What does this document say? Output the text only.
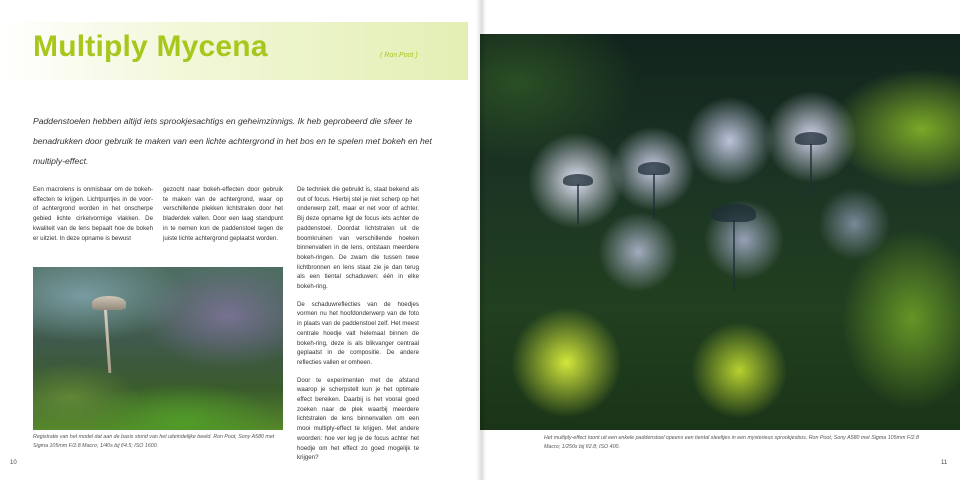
Multiply Mycena	( Ron Poot )

Paddenstoelen hebben altijd iets sprookjesachtigs en geheimzinnigs. Ik heb geprobeerd die sfeer te benadrukken door gebruik te maken van een lichte achtergrond in het bos en te spelen met bokeh en het multiply-effect.

Een macrolens is onmisbaar om de bokeh-effecten te krijgen. Lichtpuntjes in de voor- of achtergrond worden in het onscherpe gebied lichte cirkelvormige vlakken. De kwaliteit van de lens bepaalt hoe de bokeh er uitziet. In deze opname is bewust

gezocht naar bokeh-effecten door gebruik te maken van de achtergrond, waar op verschillende plekken lichtstralen door het bladerdek vallen. Door een laag standpunt in te nemen kon de paddenstoel tegen de juiste lichte achtergrond geplaatst worden.

De techniek die gebruikt is, staat bekend als out of focus. Hierbij stel je niet scherp op het onderwerp zelf, maar er net voor of achter. Bij deze opname ligt de focus iets achter de paddenstoel. Doordat lichtstralen uit de boomkruinen van verschillende hoeken binnenvallen in de lens, ontstaan meerdere bokeh-ringen. De zwam die tussen twee lichtbronnen en lens staat zie je dan terug als een tiental schaduwen: één in elke bokeh-ring.

De schaduwreflecties van de hoedjes vormen nu het hoofdonderwerp van de foto in plaats van de paddenstoel zelf. Het meest centrale hoedje valt helemaal binnen de bokeh-ring, deze is als blikvanger centraal geplaatst in de compositie. De andere reflecties vallen er omheen.

Door te experimenten met de afstand waarop je scherpstelt kun je het optimale effect bereiken. Daarbij is het vooral goed zoeken naar de plek waarbij meerdere lichtstralen de lens binnenvallen om een mooi multiply-effect te krijgen. Met andere woorden: hoe ver leg je de focus achter het hoedje om het effect zo goed mogelijk te krijgen?

Registratie van het model dat aan de basis stond van het uiteindelijke beeld. Ron Poot, Sony A580 met Sigma 105mm F/2.8 Macro; 1/40s bij f/4.5; ISO 1600.

10

Het multiply-effect toont uit een enkele paddenstoel opeens een tiental steeltjes in een mysterieus sprookjesbos. Ron Poot, Sony A580 met Sigma 105mm F/2.8 Macro; 1/250s bij f/2.8; ISO 400.

11
